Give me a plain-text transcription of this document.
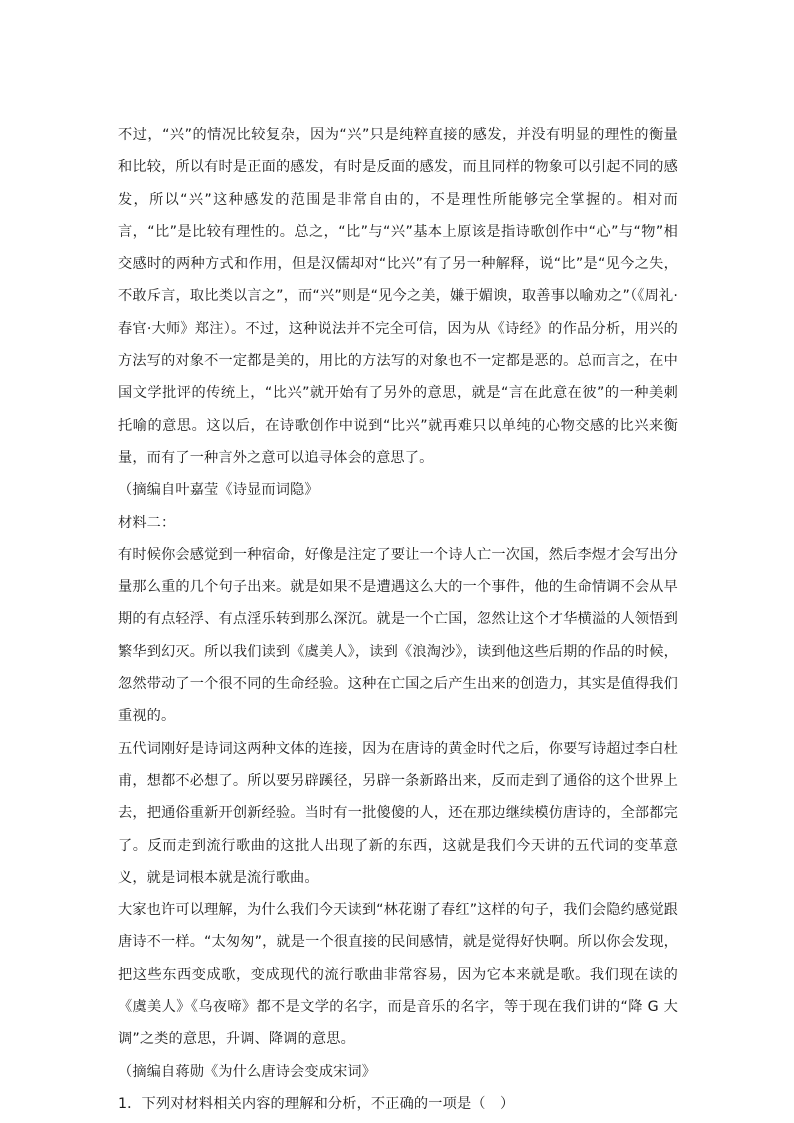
不过，“兴”的情况比较复杂，因为“兴”只是纯粹直接的感发，并没有明显的理性的衡量和比较，所以有时是正面的感发，有时是反面的感发，而且同样的物象可以引起不同的感发，所以“兴”这种感发的范围是非常自由的，不是理性所能够完全掌握的。相对而言，“比”是比较有理性的。总之，“比”与“兴”基本上原该是指诗歌创作中“心”与“物”相交感时的两种方式和作用，但是汉儒却对“比兴”有了另一种解释，说“比”是“见今之失，不敢斥言，取比类以言之”，而“兴”则是“见今之美，嫌于媚谀，取善事以喻劝之”（《周礼·春官·大师》郑注）。不过，这种说法并不完全可信，因为从《诗经》的作品分析，用兴的方法写的对象不一定都是美的，用比的方法写的对象也不一定都是恶的。总而言之，在中国文学批评的传统上，“比兴”就开始有了另外的意思，就是“言在此意在彼”的一种美刺托喻的意思。这以后，在诗歌创作中说到“比兴”就再难只以单纯的心物交感的比兴来衡量，而有了一种言外之意可以追寻体会的意思了。

（摘编自叶嘉莹《诗显而词隐》

材料二：

有时候你会感觉到一种宿命，好像是注定了要让一个诗人亡一次国，然后李煜才会写出分量那么重的几个句子出来。就是如果不是遭遇这么大的一个事件，他的生命情调不会从早期的有点轻浮、有点淫乐转到那么深沉。就是一个亡国，忽然让这个才华横溢的人领悟到繁华到幻灭。所以我们读到《虞美人》，读到《浪淘沙》，读到他这些后期的作品的时候，忽然带动了一个很不同的生命经验。这种在亡国之后产生出来的创造力，其实是值得我们重视的。

五代词刚好是诗词这两种文体的连接，因为在唐诗的黄金时代之后，你要写诗超过李白杜甫，想都不必想了。所以要另辟蹊径，另辟一条新路出来，反而走到了通俗的这个世界上去，把通俗重新开创新经验。当时有一批傻傻的人，还在那边继续模仿唐诗的，全部都完了。反而走到流行歌曲的这批人出现了新的东西，这就是我们今天讲的五代词的变革意义，就是词根本就是流行歌曲。

大家也许可以理解，为什么我们今天读到“林花谢了春红”这样的句子，我们会隐约感觉跟唐诗不一样。“太匆匆”，就是一个很直接的民间感情，就是觉得好快啊。所以你会发现，把这些东西变成歌，变成现代的流行歌曲非常容易，因为它本来就是歌。我们现在读的《虞美人》《乌夜啼》都不是文学的名字，而是音乐的名字，等于现在我们讲的“降 G 大调”之类的意思，升调、降调的意思。

（摘编自蒋勋《为什么唐诗会变成宋词》

1．下列对材料相关内容的理解和分析，不正确的一项是（　）
